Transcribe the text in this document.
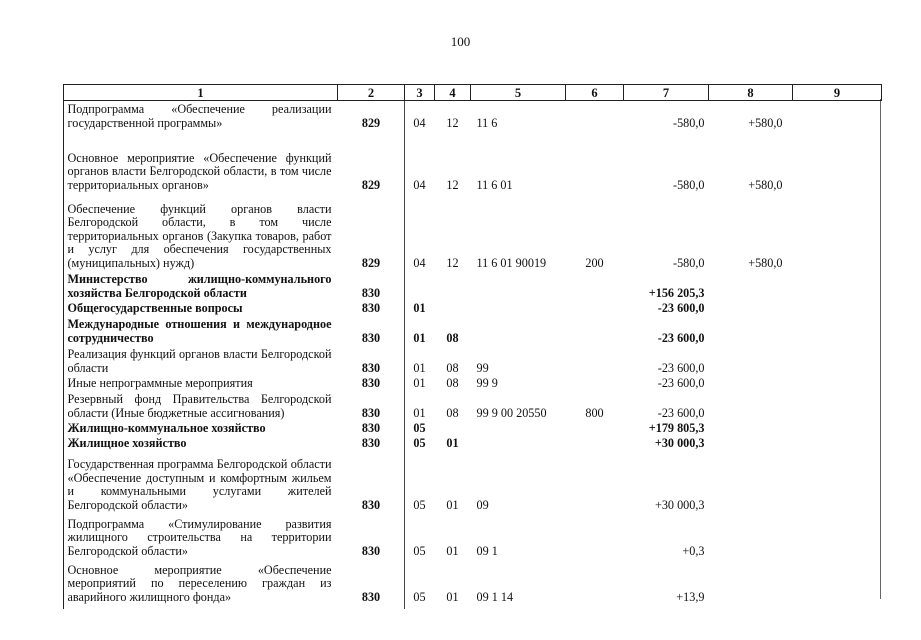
100
1	2	3	4	5	6	7	8	9
Подпрограмма «Обеспечение реализации государственной программы»	829	04	12	11 6		-580,0	+580,0	
Основное мероприятие «Обеспечение функций органов власти Белгородской области, в том числе территориальных органов»	829	04	12	11 6 01		-580,0	+580,0	
Обеспечение функций органов власти Белгородской области, в том числе территориальных органов (Закупка товаров, работ и услуг для обеспечения государственных (муниципальных) нужд)	829	04	12	11 6 01 90019	200	-580,0	+580,0	
Министерство жилищно-коммунального хозяйства Белгородской области	830					+156 205,3		
Общегосударственные вопросы	830	01				-23 600,0		
Международные отношения и международное сотрудничество	830	01	08			-23 600,0		
Реализация функций органов власти Белгородской области	830	01	08	99		-23 600,0		
Иные непрограммные мероприятия	830	01	08	99 9		-23 600,0		
Резервный фонд Правительства Белгородской области (Иные бюджетные ассигнования)	830	01	08	99 9 00 20550	800	-23 600,0		
Жилищно-коммунальное хозяйство	830	05				+179 805,3		
Жилищное хозяйство	830	05	01			+30 000,3		
Государственная программа Белгородской области «Обеспечение доступным и комфортным жильем и коммунальными услугами жителей Белгородской области»	830	05	01	09		+30 000,3		
Подпрограмма «Стимулирование развития жилищного строительства на территории Белгородской области»	830	05	01	09 1		+0,3		
Основное мероприятие «Обеспечение мероприятий по переселению граждан из аварийного жилищного фонда»	830	05	01	09 1 14		+13,9		
